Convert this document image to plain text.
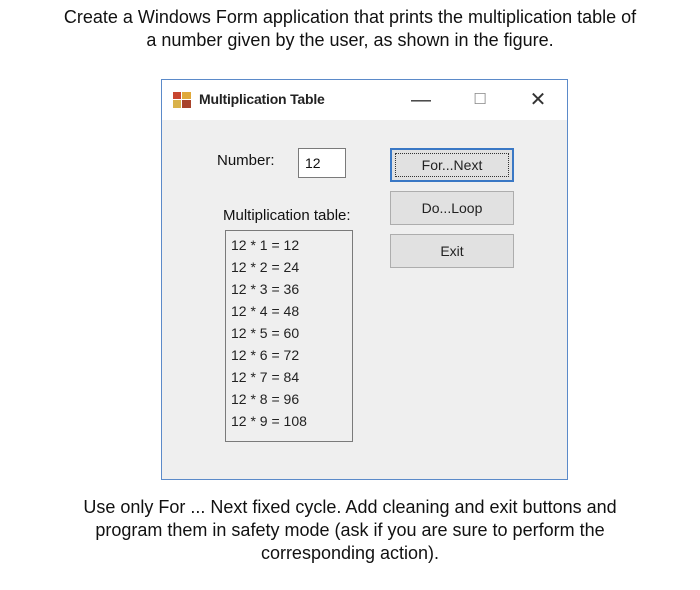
Create a Windows Form application that prints the multiplication table of a number given by the user, as shown in the figure.
Multiplication Table	—	☐	✕
Number:
12
Multiplication table:
12 * 1 = 12
12 * 2 = 24
12 * 3 = 36
12 * 4 = 48
12 * 5 = 60
12 * 6 = 72
12 * 7 = 84
12 * 8 = 96
12 * 9 = 108
For...Next
Do...Loop
Exit
Use only For ... Next fixed cycle. Add cleaning and exit buttons and program them in safety mode (ask if you are sure to perform the corresponding action).
